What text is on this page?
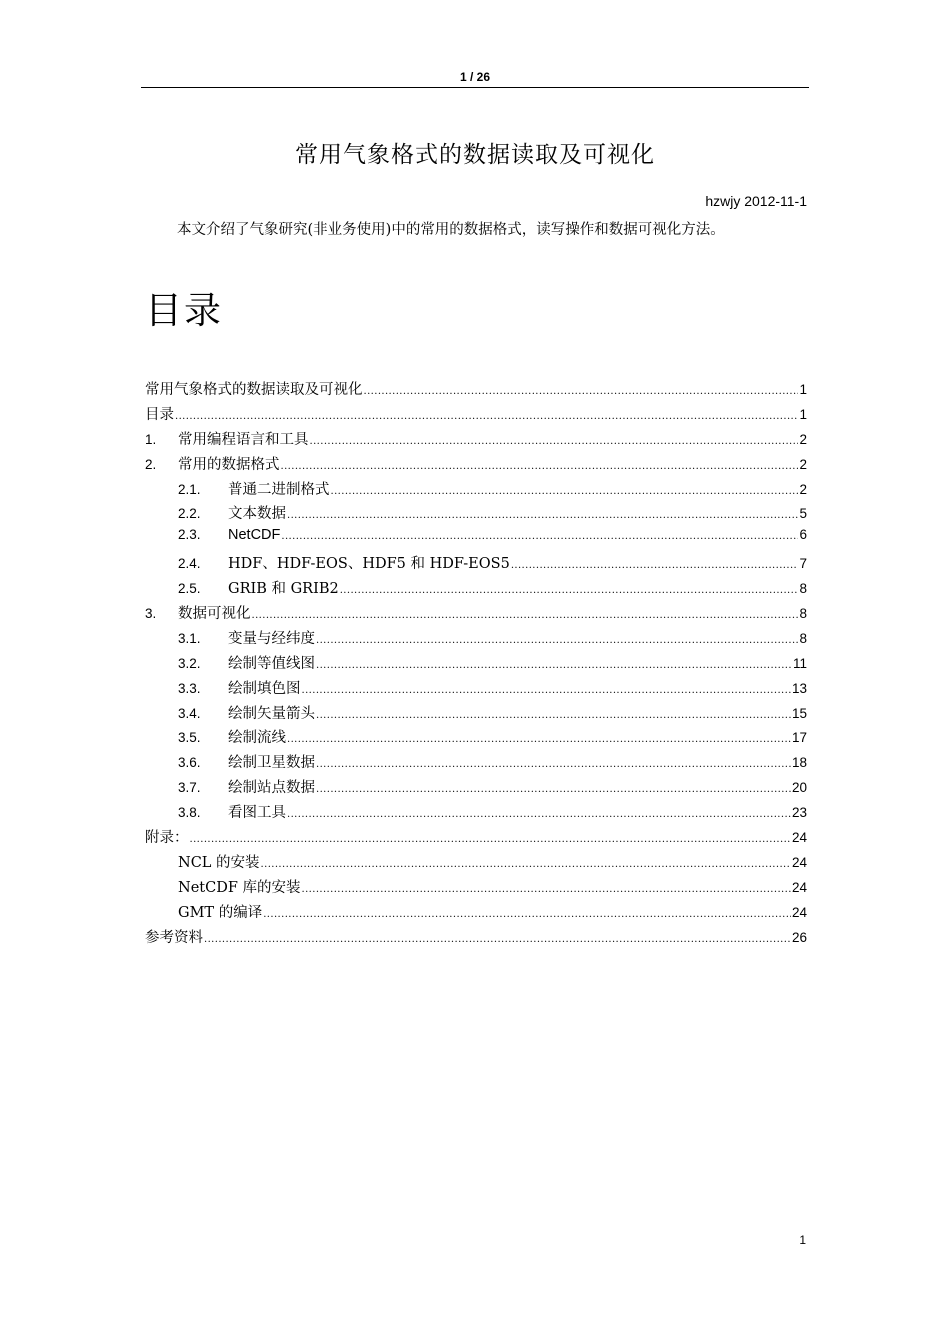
1 / 26
常用气象格式的数据读取及可视化
hzwjy 2012-11-1
本文介绍了气象研究(非业务使用)中的常用的数据格式，读写操作和数据可视化方法。
目录
常用气象格式的数据读取及可视化 .....	1
目录 .....	1
1.	常用编程语言和工具 .....	2
2.	常用的数据格式 .....	2
2.1.	普通二进制格式 .....	2
2.2.	文本数据 .....	5
2.3.	NetCDF .....	6
2.4.	HDF、HDF-EOS、HDF5 和 HDF-EOS5 .....	7
2.5.	GRIB 和 GRIB2 .....	8
3.	数据可视化 .....	8
3.1.	变量与经纬度 .....	8
3.2.	绘制等值线图 .....	11
3.3.	绘制填色图 .....	13
3.4.	绘制矢量箭头 .....	15
3.5.	绘制流线 .....	17
3.6.	绘制卫星数据 .....	18
3.7.	绘制站点数据 .....	20
3.8.	看图工具 .....	23
附录： .....	24
NCL 的安装 .....	24
NetCDF 库的安装 .....	24
GMT 的编译 .....	24
参考资料 .....	26
1
